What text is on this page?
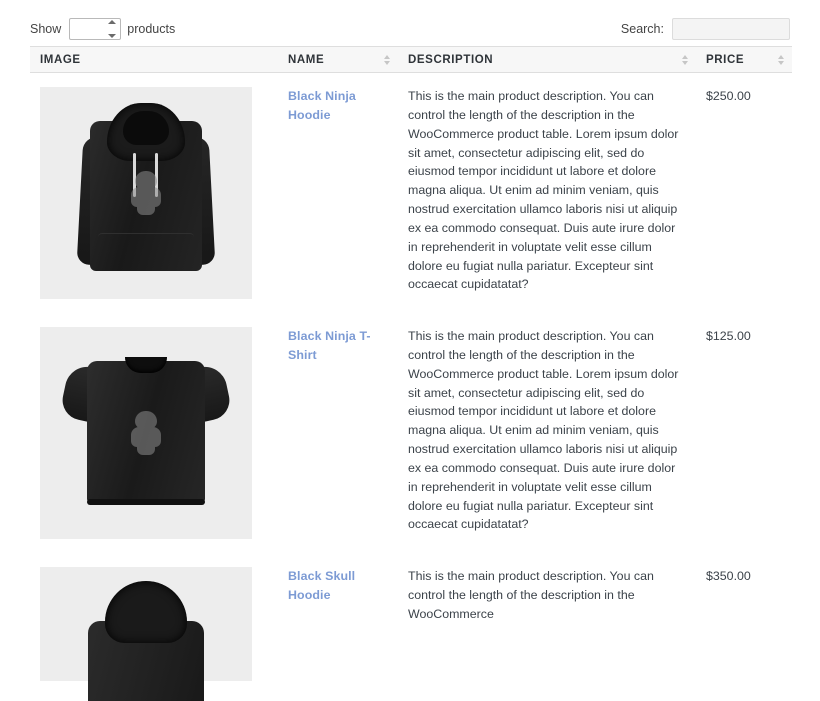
Show	products	Search:
IMAGE	NAME	DESCRIPTION	PRICE

	Black Ninja Hoodie	This is the main product description. You can control the length of the description in the WooCommerce product table. Lorem ipsum dolor sit amet, consectetur adipiscing elit, sed do eiusmod tempor incididunt ut labore et dolore magna aliqua. Ut enim ad minim veniam, quis nostrud exercitation ullamco laboris nisi ut aliquip ex ea commodo consequat. Duis aute irure dolor in reprehenderit in voluptate velit esse cillum dolore eu fugiat nulla pariatur. Excepteur sint occaecat cupidatatat?	$250.00

	Black Ninja T-Shirt	This is the main product description. You can control the length of the description in the WooCommerce product table. Lorem ipsum dolor sit amet, consectetur adipiscing elit, sed do eiusmod tempor incididunt ut labore et dolore magna aliqua. Ut enim ad minim veniam, quis nostrud exercitation ullamco laboris nisi ut aliquip ex ea commodo consequat. Duis aute irure dolor in reprehenderit in voluptate velit esse cillum dolore eu fugiat nulla pariatur. Excepteur sint occaecat cupidatatat?	$125.00

	Black Skull Hoodie	This is the main product description. You can control the length of the description in the WooCommerce	$350.00
